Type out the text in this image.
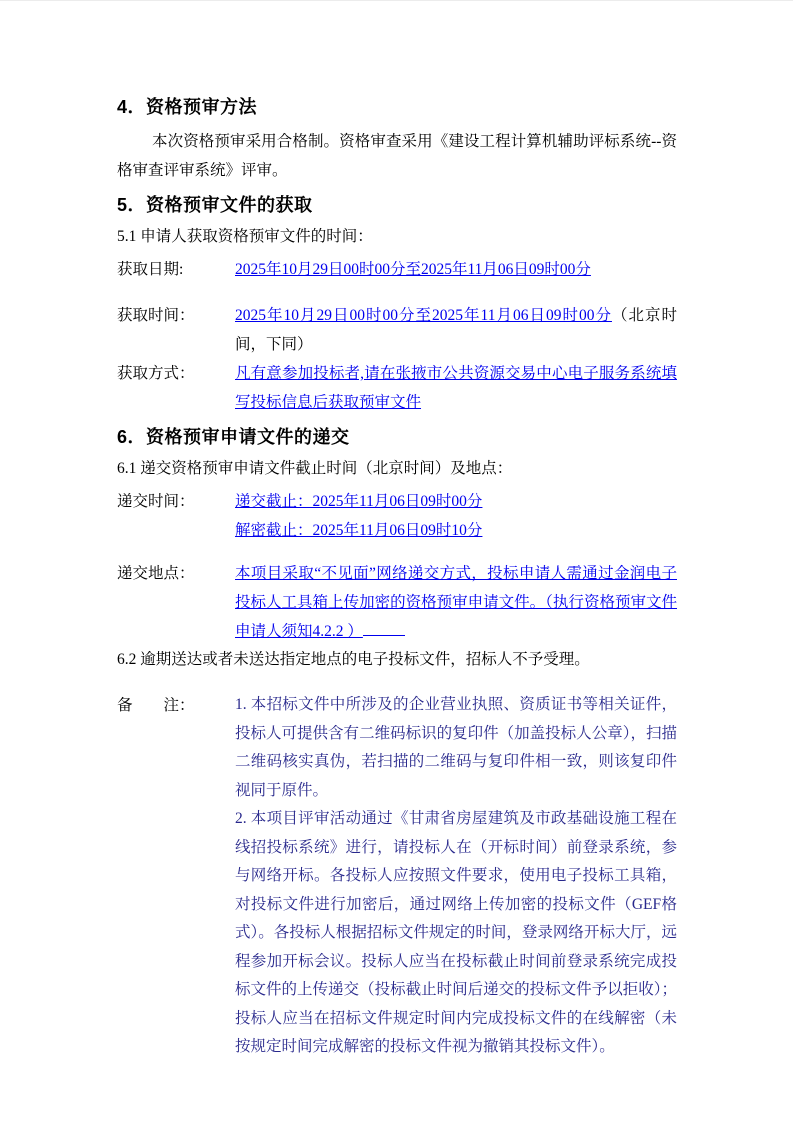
4．资格预审方法

本次资格预审采用合格制。资格审查采用《建设工程计算机辅助评标系统--资格审查评审系统》评审。

5．资格预审文件的获取

5.1 申请人获取资格预审文件的时间：

获取日期:	2025年10月29日00时00分至2025年11月06日09时00分
获取时间：	2025年10月29日00时00分至2025年11月06日09时00分（北京时间，下同）
获取方式：	凡有意参加投标者,请在张掖市公共资源交易中心电子服务系统填写投标信息后获取预审文件
6．资格预审申请文件的递交

6.1 递交资格预审申请文件截止时间（北京时间）及地点：

递交时间：	递交截止：2025年11月06日09时00分
解密截止：2025年11月06日09时10分
递交地点：	本项目采取“不见面”网络递交方式，投标申请人需通过金润电子投标人工具箱上传加密的资格预审申请文件。（执行资格预审文件申请人须知4.2.2 ）

6.2 逾期送达或者未送达指定地点的电子投标文件，招标人不予受理。

备　　注：	1. 本招标文件中所涉及的企业营业执照、资质证书等相关证件，投标人可提供含有二维码标识的复印件（加盖投标人公章），扫描二维码核实真伪，若扫描的二维码与复印件相一致，则该复印件视同于原件。

2. 本项目评审活动通过《甘肃省房屋建筑及市政基础设施工程在线招投标系统》进行，请投标人在（开标时间）前登录系统，参与网络开标。各投标人应按照文件要求，使用电子投标工具箱，对投标文件进行加密后，通过网络上传加密的投标文件（GEF格式）。各投标人根据招标文件规定的时间，登录网络开标大厅，远程参加开标会议。投标人应当在投标截止时间前登录系统完成投标文件的上传递交（投标截止时间后递交的投标文件予以拒收）；投标人应当在招标文件规定时间内完成投标文件的在线解密（未按规定时间完成解密的投标文件视为撤销其投标文件）。
